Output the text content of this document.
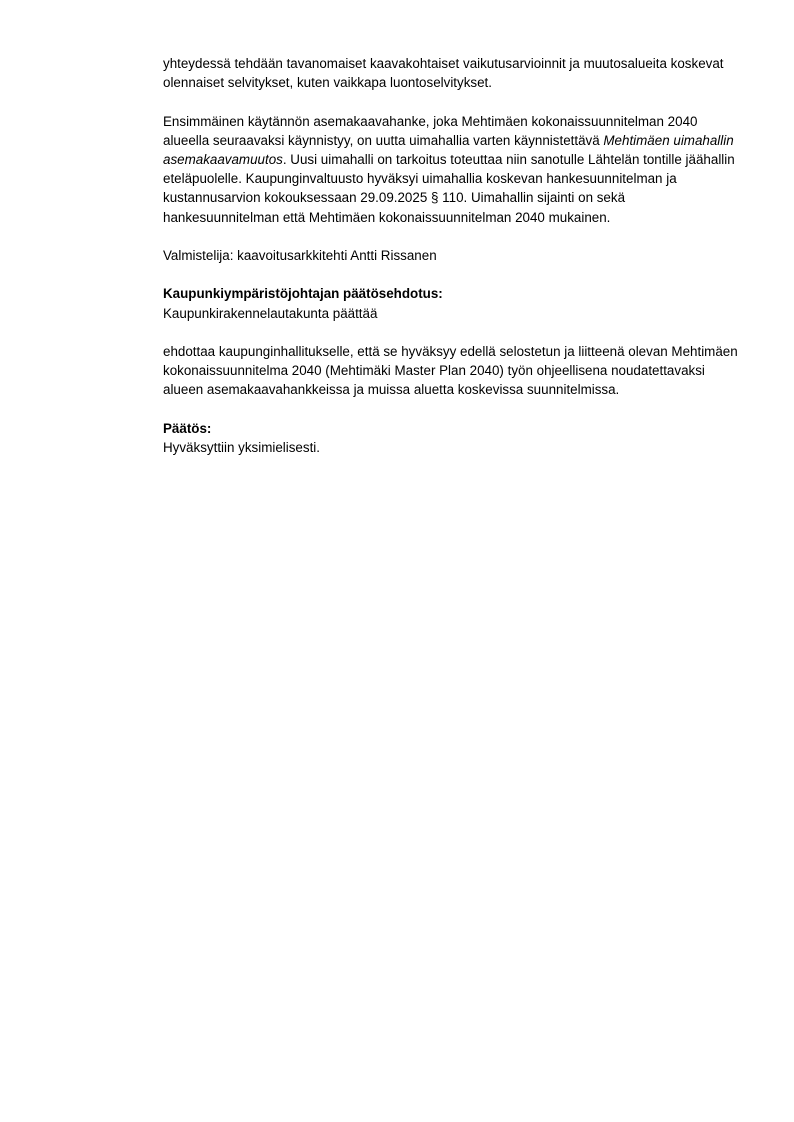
yhteydessä tehdään tavanomaiset kaavakohtaiset vaikutusarvioinnit ja muutosalueita koskevat olennaiset selvitykset, kuten vaikkapa luontoselvitykset.

Ensimmäinen käytännön asemakaavahanke, joka Mehtimäen kokonaissuunnitelman 2040 alueella seuraavaksi käynnistyy, on uutta uimahallia varten käynnistettävä Mehtimäen uimahallin asemakaavamuutos. Uusi uimahalli on tarkoitus toteuttaa niin sanotulle Lähtelän tontille jäähallin eteläpuolelle. Kaupunginvaltuusto hyväksyi uimahallia koskevan hankesuunnitelman ja kustannusarvion kokouksessaan 29.09.2025 § 110. Uimahallin sijainti on sekä hankesuunnitelman että Mehtimäen kokonaissuunnitelman 2040 mukainen.

Valmistelija: kaavoitusarkkitehti Antti Rissanen

Kaupunkiympäristöjohtajan päätösehdotus:
Kaupunkirakennelautakunta päättää

ehdottaa kaupunginhallitukselle, että se hyväksyy edellä selostetun ja liitteenä olevan Mehtimäen kokonaissuunnitelma 2040 (Mehtimäki Master Plan 2040) työn ohjeellisena noudatettavaksi alueen asemakaavahankkeissa ja muissa aluetta koskevissa suunnitelmissa.

Päätös:
Hyväksyttiin yksimielisesti.
